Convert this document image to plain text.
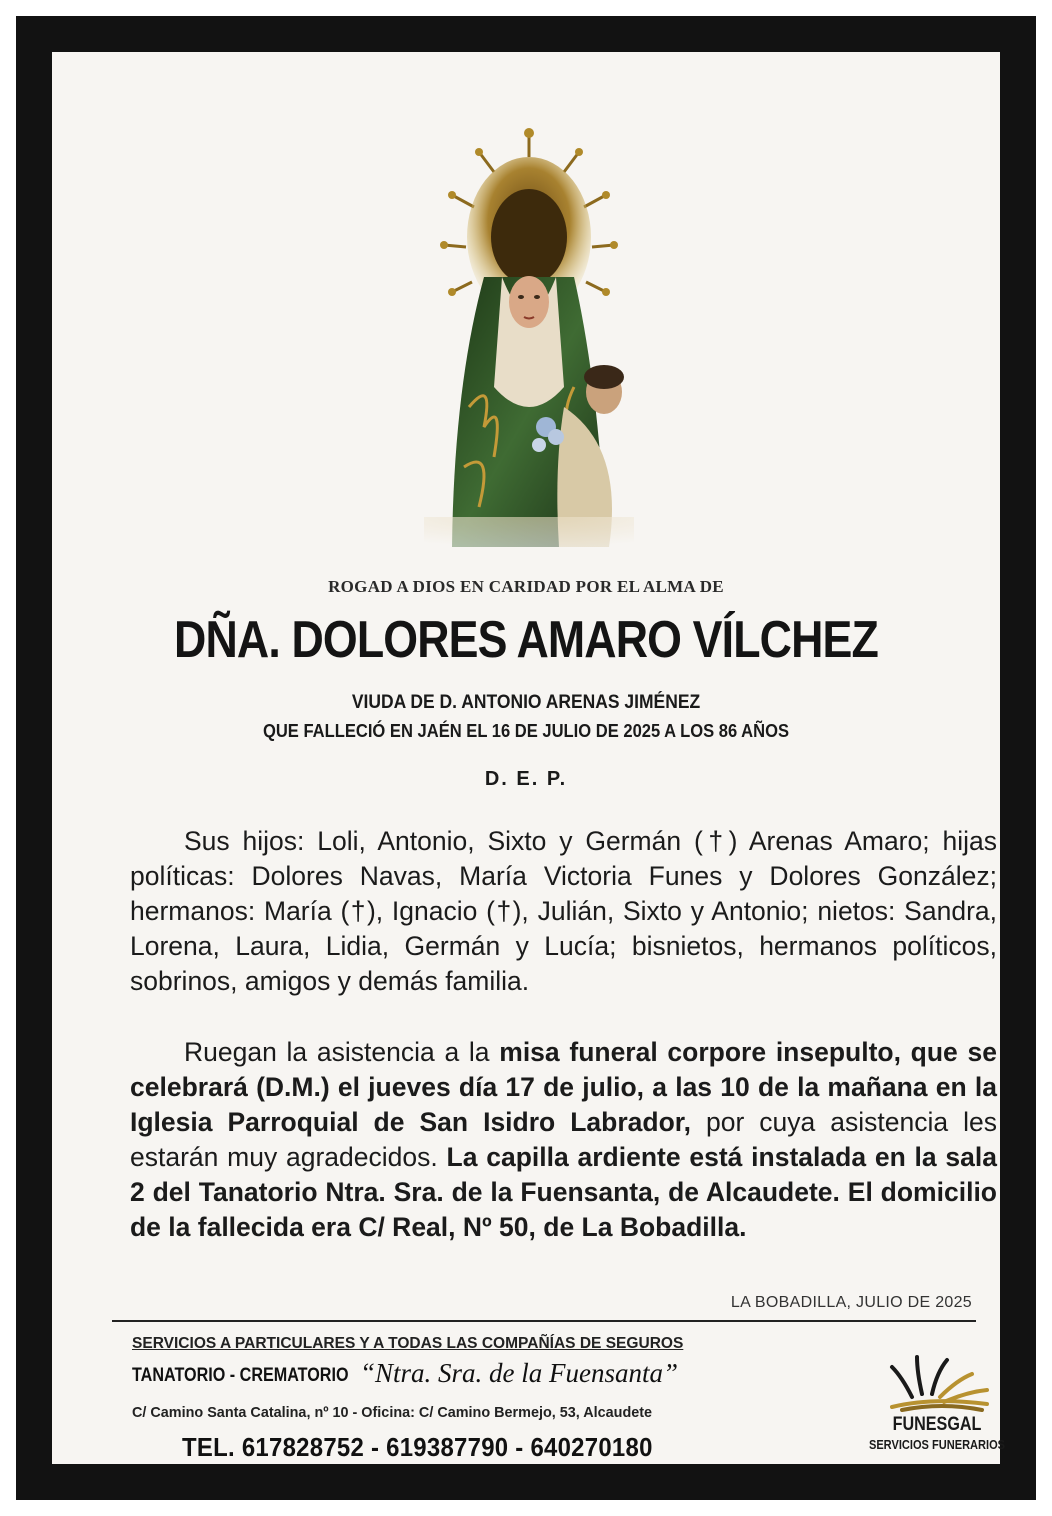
ROGAD A DIOS EN CARIDAD POR EL ALMA DE
DÑA. DOLORES AMARO VÍLCHEZ
VIUDA DE D. ANTONIO ARENAS JIMÉNEZ
QUE FALLECIÓ EN JAÉN EL 16 DE JULIO DE 2025 A LOS 86 AÑOS
D. E. P.

Sus hijos: Loli, Antonio, Sixto y Germán (†) Arenas Amaro; hijas políticas: Dolores Navas, María Victoria Funes y Dolores González; hermanos: María (†), Ignacio (†), Julián, Sixto y Antonio; nietos: Sandra, Lorena, Laura, Lidia, Germán y Lucía; bisnietos, hermanos políticos, sobrinos, amigos y demás familia.

Ruegan la asistencia a la misa funeral corpore insepulto, que se celebrará (D.M.) el jueves día 17 de julio, a las 10 de la mañana en la Iglesia Parroquial de San Isidro Labrador, por cuya asistencia les estarán muy agradecidos. La capilla ardiente está instalada en la sala 2 del Tanatorio Ntra. Sra. de la Fuensanta, de Alcaudete. El domicilio de la fallecida era C/ Real, Nº 50, de La Bobadilla.

LA BOBADILLA, JULIO DE 2025
SERVICIOS A PARTICULARES Y A TODAS LAS COMPAÑÍAS DE SEGUROS
TANATORIO - CREMATORIO “Ntra. Sra. de la Fuensanta”
C/ Camino Santa Catalina, nº 10 - Oficina: C/ Camino Bermejo, 53, Alcaudete
TEL. 617828752 - 619387790 - 640270180
FUNESGAL
SERVICIOS FUNERARIOS
